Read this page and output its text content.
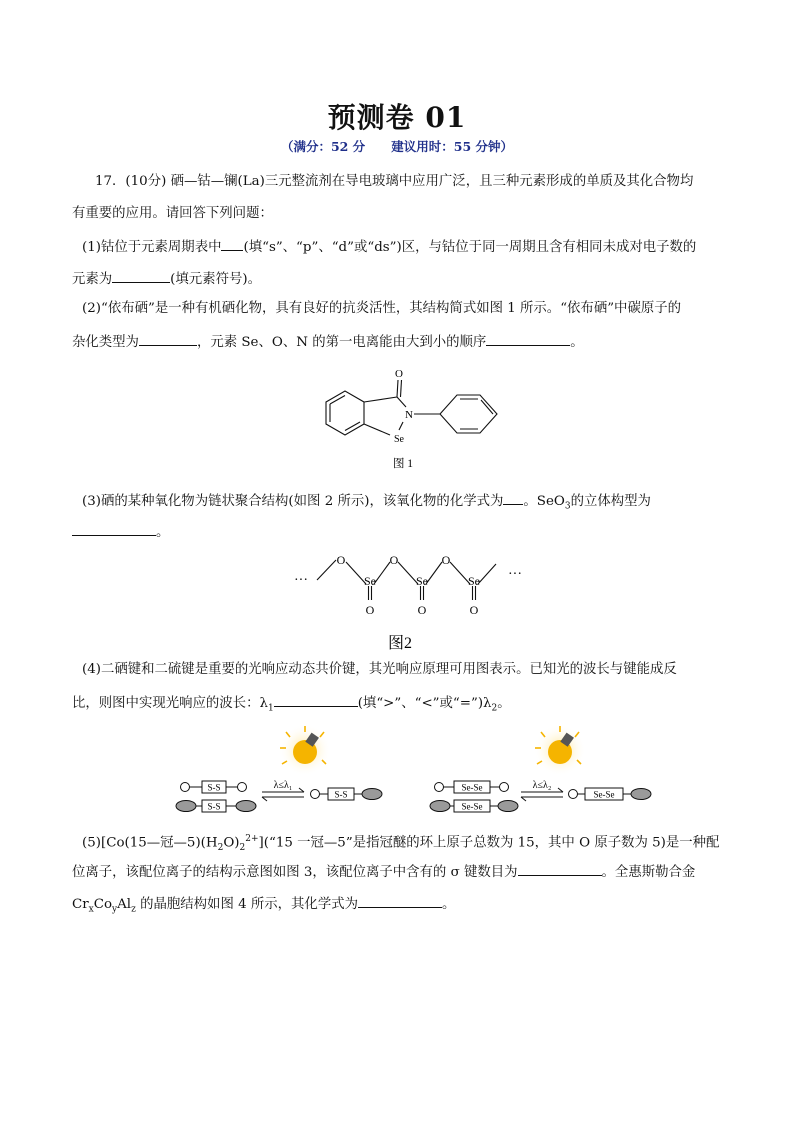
预测卷 01
（满分：52 分      建议用时：55 分钟）
17．(10分) 硒—钴—镧(La)三元整流剂在导电玻璃中应用广泛，且三种元素形成的单质及其化合物均
有重要的应用。请回答下列问题：
(1)钴位于元素周期表中 (填“s”、“p”、“d”或“ds”)区，与钴位于同一周期且含有相同未成对电子数的
元素为	(填元素符号)。
(2)“依布硒”是一种有机硒化物，具有良好的抗炎活性，其结构简式如图 1 所示。“依布硒”中碳原子的
杂化类型为	，元素 Se、O、N 的第一电离能由大到小的顺序	。
O
N
Se
图 1
(3)硒的某种氧化物为链状聚合结构(如图 2 所示)，该氧化物的化学式为 。SeO$_3$的立体构型为
。
···	···
O	O	O
Se	Se	Se
O	O	O
图2
(4)二硒键和二硫键是重要的光响应动态共价键，其光响应原理可用图表示。已知光的波长与键能成反
比，则图中实现光响应的波长：$\lambda_1$	(填“>”、“<”或“$=”)\lambda_2$。
λ≤λ₁	λ≤λ₂
S-S
S-S
S-S
Se-Se
Se-Se
Se-Se
(5)[Co(15—冠$—5)(H_2O)_2^{2+}](“15$ 一冠—5”是指冠醚的环上原子总数为 15，其中 O 原子数为 5)是一种配
位离子，该配位离子的结构示意图如图 3，该配位离子中含有的 σ 键数目为	。全惠斯勒合金
$Cr_xCo_yAl_z$ 的晶胞结构如图 4 所示，其化学式为	。
